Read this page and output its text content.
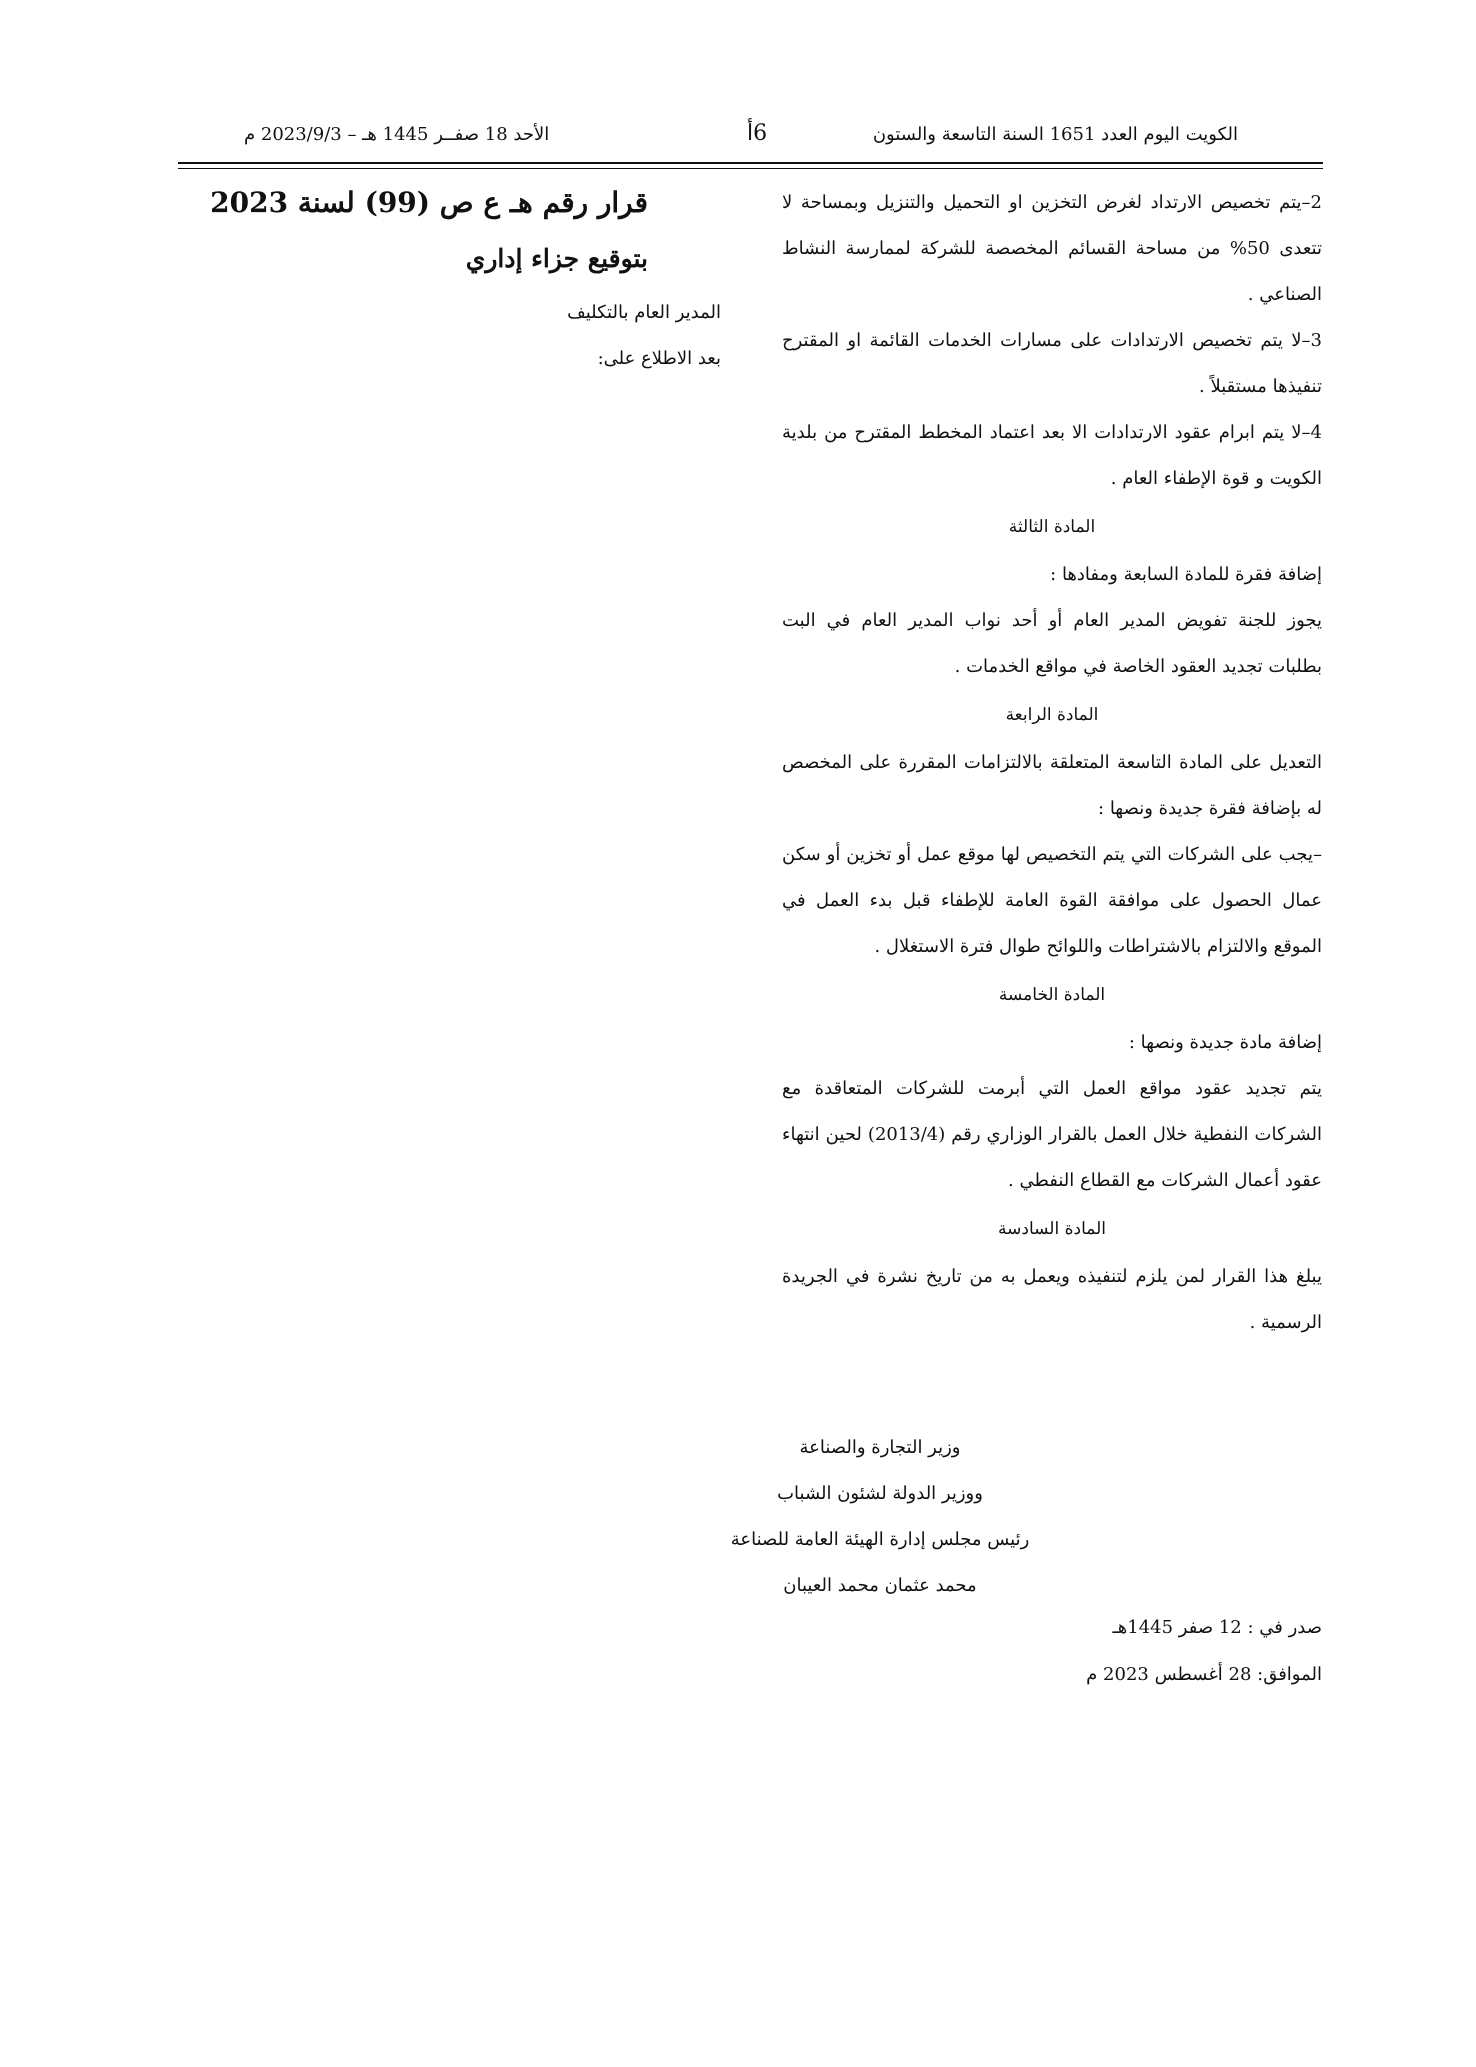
الكويت اليوم العدد 1651 السنة التاسعة والستون
6أ
الأحد 18 صفــر 1445 هـ – 2023/9/3 م

2–يتم تخصيص الارتداد لغرض التخزين او التحميل والتنزيل وبمساحة لا تتعدى 50% من مساحة القسائم المخصصة للشركة لممارسة النشاط الصناعي .

3–لا يتم تخصيص الارتدادات على مسارات الخدمات القائمة او المقترح تنفيذها مستقبلاً .

4–لا يتم ابرام عقود الارتدادات الا بعد اعتماد المخطط المقترح من بلدية الكويت و قوة الإطفاء العام .

المادة الثالثة

إضافة فقرة للمادة السابعة ومفادها :

يجوز للجنة تفويض المدير العام أو أحد نواب المدير العام في البت بطلبات تجديد العقود الخاصة في مواقع الخدمات .

المادة الرابعة

التعديل على المادة التاسعة المتعلقة بالالتزامات المقررة على المخصص له بإضافة فقرة جديدة ونصها :

–يجب على الشركات التي يتم التخصيص لها موقع عمل أو تخزين أو سكن عمال الحصول على موافقة القوة العامة للإطفاء قبل بدء العمل في الموقع والالتزام بالاشتراطات واللوائح طوال فترة الاستغلال .

المادة الخامسة

إضافة مادة جديدة ونصها :

يتم تجديد عقود مواقع العمل التي أبرمت للشركات المتعاقدة مع الشركات النفطية خلال العمل بالقرار الوزاري رقم (2013/4) لحين انتهاء عقود أعمال الشركات مع القطاع النفطي .

المادة السادسة

يبلغ هذا القرار لمن يلزم لتنفيذه ويعمل به من تاريخ نشرة في الجريدة الرسمية .

وزير التجارة والصناعة
ووزير الدولة لشئون الشباب
رئيس مجلس إدارة الهيئة العامة للصناعة
محمد عثمان محمد العيبان
صدر في : 12 صفر 1445هـ
الموافق: 28 أغسطس 2023 م
قرار رقم هـ ع ص (99) لسنة 2023
بتوقيع جزاء إداري
المدير العام بالتكليف
بعد الاطلاع على:
